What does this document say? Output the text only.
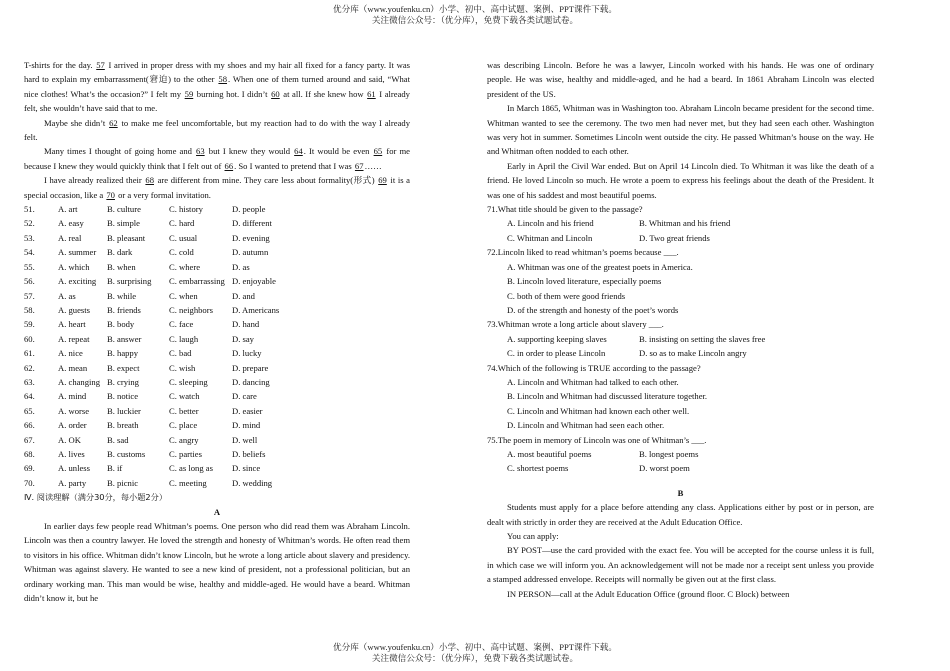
优分库（www.youfenku.cn）小学、初中、高中试题、案例、PPT课件下载。
关注微信公众号：（优分库），免费下载各类试题试卷。

T-shirts for the day. 57 I arrived in proper dress with my shoes and my hair all fixed for a fancy party. It was hard to explain my embarrassment(窘迫) to the other 58. When one of them turned around and said, “What nice clothes! What’s the occasion?” I felt my 59 burning hot. I didn’t 60 at all. If she knew how 61 I already felt, she wouldn’t have said that to me.

Maybe she didn’t 62 to make me feel uncomfortable, but my reaction had to do with the way I already felt.

Many times I thought of going home and 63 but I knew they would 64. It would be even 65 for me because I knew they would quickly think that I felt out of 66. So I wanted to pretend that I was 67……

I have already realized their 68 are different from mine. They care less about formality(形式) 69 it is a special occasion, like a 70 or a very formal invitation.

51.	A. art	B. culture	C. history	D. people
52.	A. easy	B. simple	C. hard	D. different
53.	A. real	B. pleasant	C. usual	D. evening
54.	A. summer	B. dark	C. cold	D. autumn
55.	A. which	B. when	C. where	D. as
56.	A. exciting	B. surprising	C. embarrassing D. enjoyable
57.	A. as	B. while	C. when	D. and
58.	A. guests	B. friends	C. neighbors	D. Americans
59.	A. heart	B. body	C. face	D. hand
60.	A. repeat	B. answer	C. laugh	D. say
61.	A. nice	B. happy	C. bad	D. lucky
62.	A. mean	B. expect	C. wish	D. prepare
63.	A. changing B. crying	C. sleeping	D. dancing
64.	A. mind	B. notice	C. watch	D. care
65.	A. worse	B. luckier	C. better	D. easier
66.	A. order	B. breath	C. place	D. mind
67.	A. OK	B. sad	C. angry	D. well
68.	A. lives	B. customs	C. parties	D. beliefs
69.	A. unless	B. if	C. as long as	D. since
70.	A. party	B. picnic	C. meeting	D. wedding
Ⅳ. 阅读理解（满分30分，每小题2分）
A

In earlier days few people read Whitman’s poems. One person who did read them was Abraham Lincoln. Lincoln was then a country lawyer. He loved the strength and honesty of Whitman’s words. He often read them to visitors in his office. Whitman didn’t know Lincoln, but he wrote a long article about slavery and presidency. Whitman was against slavery. He wanted to see a new kind of president, not a professional politician, but an ordinary working man. This man would be wise, healthy and middle-aged. He would have a beard. Whitman didn’t know it, but he

was describing Lincoln. Before he was a lawyer, Lincoln worked with his hands. He was one of ordinary people. He was wise, healthy and middle-aged, and he had a beard. In 1861 Abraham Lincoln was elected president of the US.

In March 1865, Whitman was in Washington too. Abraham Lincoln became president for the second time. Whitman wanted to see the ceremony. The two men had never met, but they had seen each other. Washington was very hot in summer. Sometimes Lincoln went outside the city. He passed Whitman’s house on the way. He and Whitman often nodded to each other.

Early in April the Civil War ended. But on April 14 Lincoln died. To Whitman it was like the death of a friend. He loved Lincoln so much. He wrote a poem to express his feelings about the death of the President. It was one of his saddest and most beautiful poems.

71.What title should be given to the passage?
A. Lincoln and his friend	B. Whitman and his friend
C. Whitman and Lincoln	D. Two great friends
72.Lincoln liked to read whitman’s poems because ___.
A. Whitman was one of the greatest poets in America.
B. Lincoln loved literature, especially poems
C. both of them were good friends
D. of the strength and honesty of the poet’s words
73.Whitman wrote a long article about slavery ___.
A. supporting keeping slaves	B. insisting on setting the slaves free
C. in order to please Lincoln	D. so as to make Lincoln angry
74.Which of the following is TRUE according to the passage?
A. Lincoln and Whitman had talked to each other.
B. Lincoln and Whitman had discussed literature together.
C. Lincoln and Whitman had known each other well.
D. Lincoln and Whitman had seen each other.
75.The poem in memory of Lincoln was one of Whitman’s ___.
A. most beautiful poems	B. longest poems
C. shortest poems	D. worst poem
B

Students must apply for a place before attending any class. Applications either by post or in person, are dealt with strictly in order they are received at the Adult Education Office.

You can apply:

BY POST—use the card provided with the exact fee. You will be accepted for the course unless it is full, in which case we will inform you. An acknowledgement will not be made nor a receipt sent unless you provide a stamped addressed envelope. Receipts will normally be given out at the first class.

IN PERSON—call at the Adult Education Office (ground floor. C Block) between

优分库（www.youfenku.cn）小学、初中、高中试题、案例、PPT课件下载。
关注微信公众号：（优分库），免费下载各类试题试卷。
